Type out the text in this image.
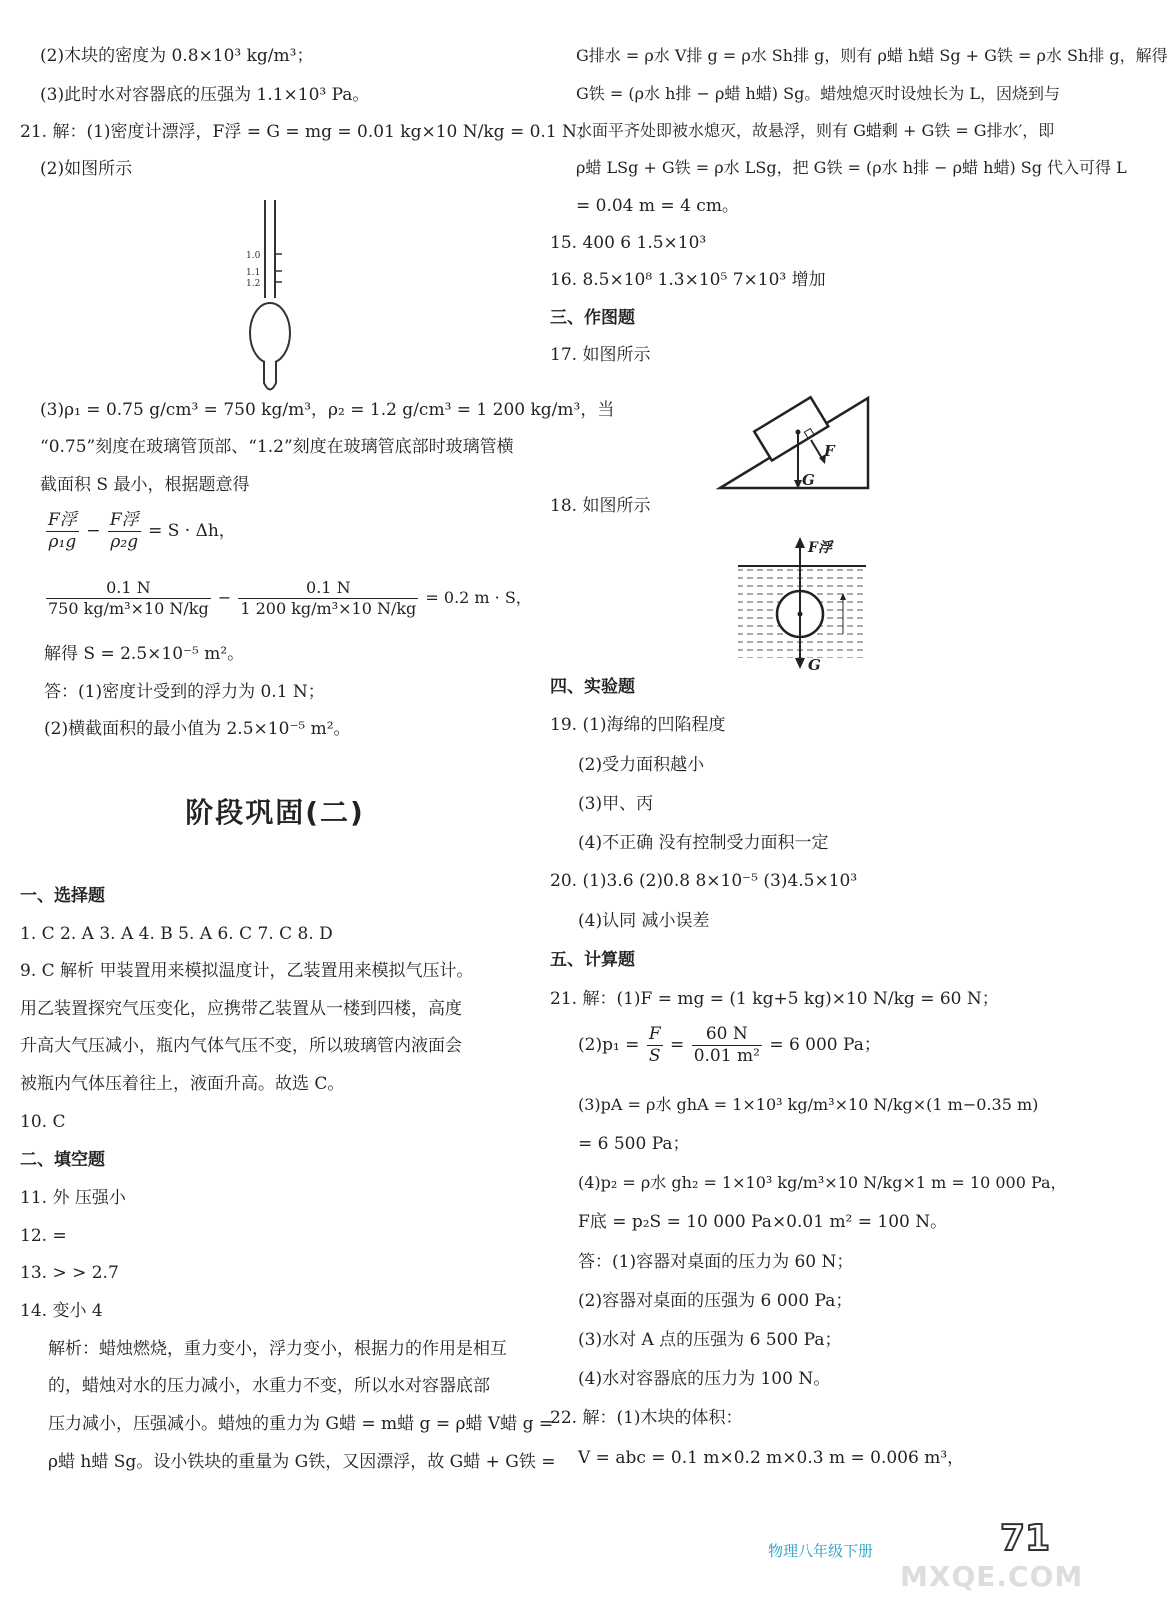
(2)木块的密度为 0.8×10³ kg/m³；
(3)此时水对容器底的压强为 1.1×10³ Pa。
21. 解：(1)密度计漂浮，F浮 = G = mg = 0.01 kg×10 N/kg = 0.1 N；
(2)如图所示
1.0
1.1
1.2
(3)ρ₁ = 0.75 g/cm³ = 750 kg/m³，ρ₂ = 1.2 g/cm³ = 1 200 kg/m³，当
“0.75”刻度在玻璃管顶部、“1.2”刻度在玻璃管底部时玻璃管横
截面积 S 最小，根据题意得
$\frac{\text{F浮}}{\text{ρ₁g}} - \frac{\text{F浮}}{\text{ρ₂g}} = S \cdot \Delta h$，
$\frac{0.1 N}{\text{750 kg/m³×10 N/kg}} - \frac{0.1 N}{\text{1 200 kg/m³×10 N/kg}} = 0.2$ m · S，
解得 S = 2.5×10⁻⁵ m²。
答：(1)密度计受到的浮力为 0.1 N；
(2)横截面积的最小值为 2.5×10⁻⁵ m²。
阶段巩固(二)
一、选择题
1. C 2. A 3. A 4. B 5. A 6. C 7. C 8. D
9. C 解析 甲装置用来模拟温度计，乙装置用来模拟气压计。
用乙装置探究气压变化，应携带乙装置从一楼到四楼，高度
升高大气压减小，瓶内气体气压不变，所以玻璃管内液面会
被瓶内气体压着往上，液面升高。故选 C。
10. C
二、填空题
11. 外 压强小
12. =
13. > > 2.7
14. 变小 4
解析：蜡烛燃烧，重力变小，浮力变小，根据力的作用是相互
的，蜡烛对水的压力减小，水重力不变，所以水对容器底部
压力减小，压强减小。蜡烛的重力为 G蜡 = m蜡 g = ρ蜡 V蜡 g =
ρ蜡 h蜡 Sg。设小铁块的重量为 G铁，又因漂浮，故 G蜡 + G铁 =
G排水 = ρ水 V排 g = ρ水 Sh排 g，则有 ρ蜡 h蜡 Sg + G铁 = ρ水 Sh排 g，解得
G铁 = (ρ水 h排 − ρ蜡 h蜡) Sg。蜡烛熄灭时设烛长为 L，因烧到与
水面平齐处即被水熄灭，故悬浮，则有 G蜡剩 + G铁 = G排水′，即
ρ蜡 LSg + G铁 = ρ水 LSg，把 G铁 = (ρ水 h排 − ρ蜡 h蜡) Sg 代入可得 L
= 0.04 m = 4 cm。
15. 400 6 1.5×10³
16. 8.5×10⁸ 1.3×10⁵ 7×10³ 增加
三、作图题
17. 如图所示
F
G
18. 如图所示
F浮
G
四、实验题
19. (1)海绵的凹陷程度
(2)受力面积越小
(3)甲、丙
(4)不正确 没有控制受力面积一定
20. (1)3.6 (2)0.8 8×10⁻⁵ (3)4.5×10³
(4)认同 减小误差
五、计算题
21. 解：(1)F = mg = (1 kg+5 kg)×10 N/kg = 60 N；
$(2)p_1 = \frac{F}{S} = \frac{60 N}{\text{0.01 m²}} = 6$ 000 Pa；
(3)pA = ρ水 ghA = 1×10³ kg/m³×10 N/kg×(1 m−0.35 m)
= 6 500 Pa；
(4)p₂ = ρ水 gh₂ = 1×10³ kg/m³×10 N/kg×1 m = 10 000 Pa，
F底 = p₂S = 10 000 Pa×0.01 m² = 100 N。
答：(1)容器对桌面的压力为 60 N；
(2)容器对桌面的压强为 6 000 Pa；
(3)水对 A 点的压强为 6 500 Pa；
(4)水对容器底的压力为 100 N。
22. 解：(1)木块的体积：
V = abc = 0.1 m×0.2 m×0.3 m = 0.006 m³，
物理八年级下册	71
MXQE.COM
